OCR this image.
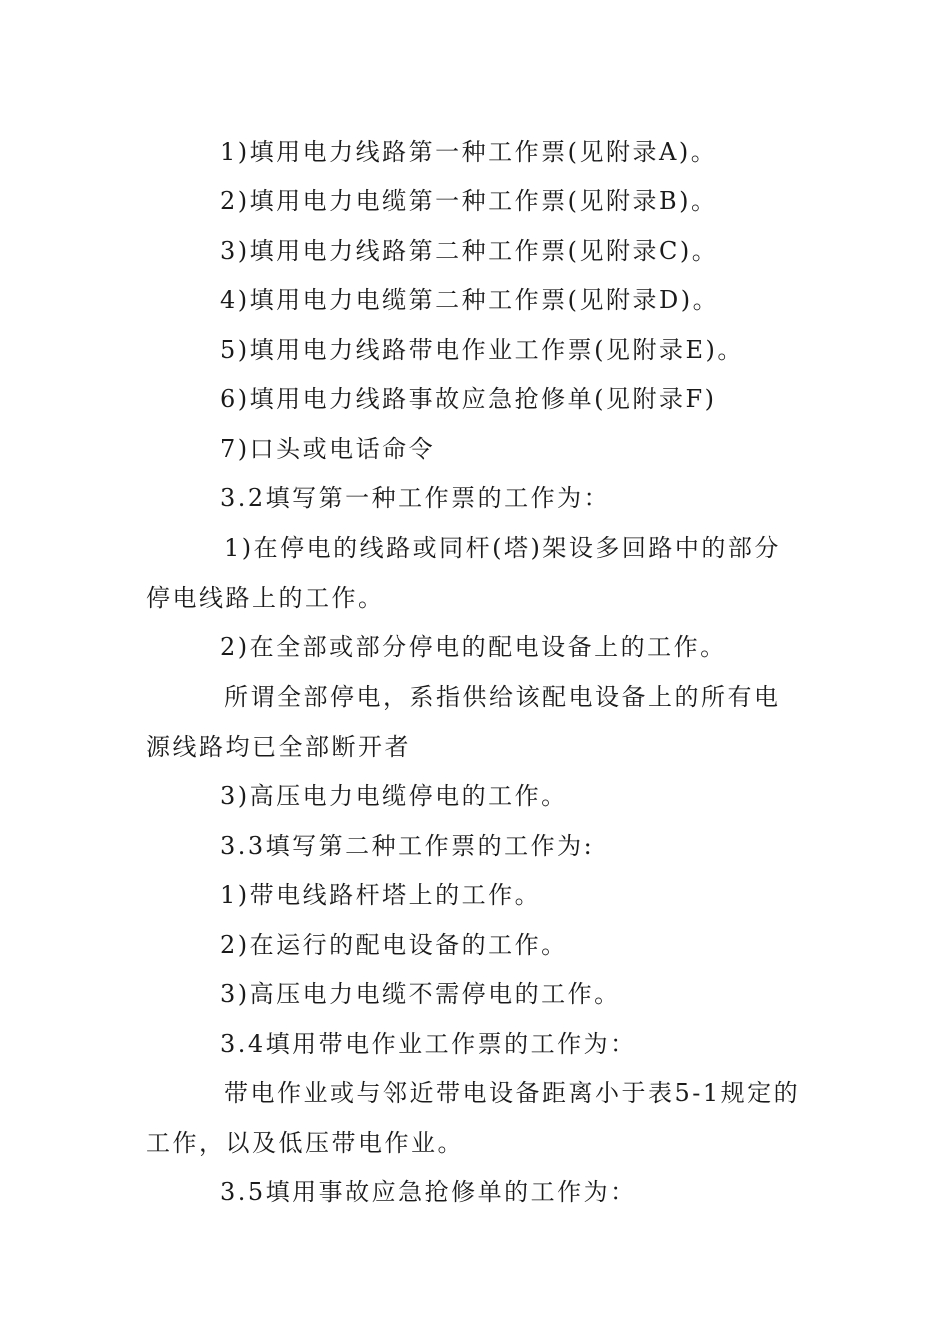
1)填用电力线路第一种工作票(见附录A)。

2)填用电力电缆第一种工作票(见附录B)。

3)填用电力线路第二种工作票(见附录C)。

4)填用电力电缆第二种工作票(见附录D)。

5)填用电力线路带电作业工作票(见附录E)。

6)填用电力线路事故应急抢修单(见附录F)

7)口头或电话命令

3.2填写第一种工作票的工作为：

1)在停电的线路或同杆(塔)架设多回路中的部分停电线路上的工作。

2)在全部或部分停电的配电设备上的工作。

所谓全部停电，系指供给该配电设备上的所有电源线路均已全部断开者

3)高压电力电缆停电的工作。

3.3填写第二种工作票的工作为:

1)带电线路杆塔上的工作。

2)在运行的配电设备的工作。

3)高压电力电缆不需停电的工作。

3.4填用带电作业工作票的工作为：

带电作业或与邻近带电设备距离小于表5-1规定的工作，以及低压带电作业。

3.5填用事故应急抢修单的工作为：
